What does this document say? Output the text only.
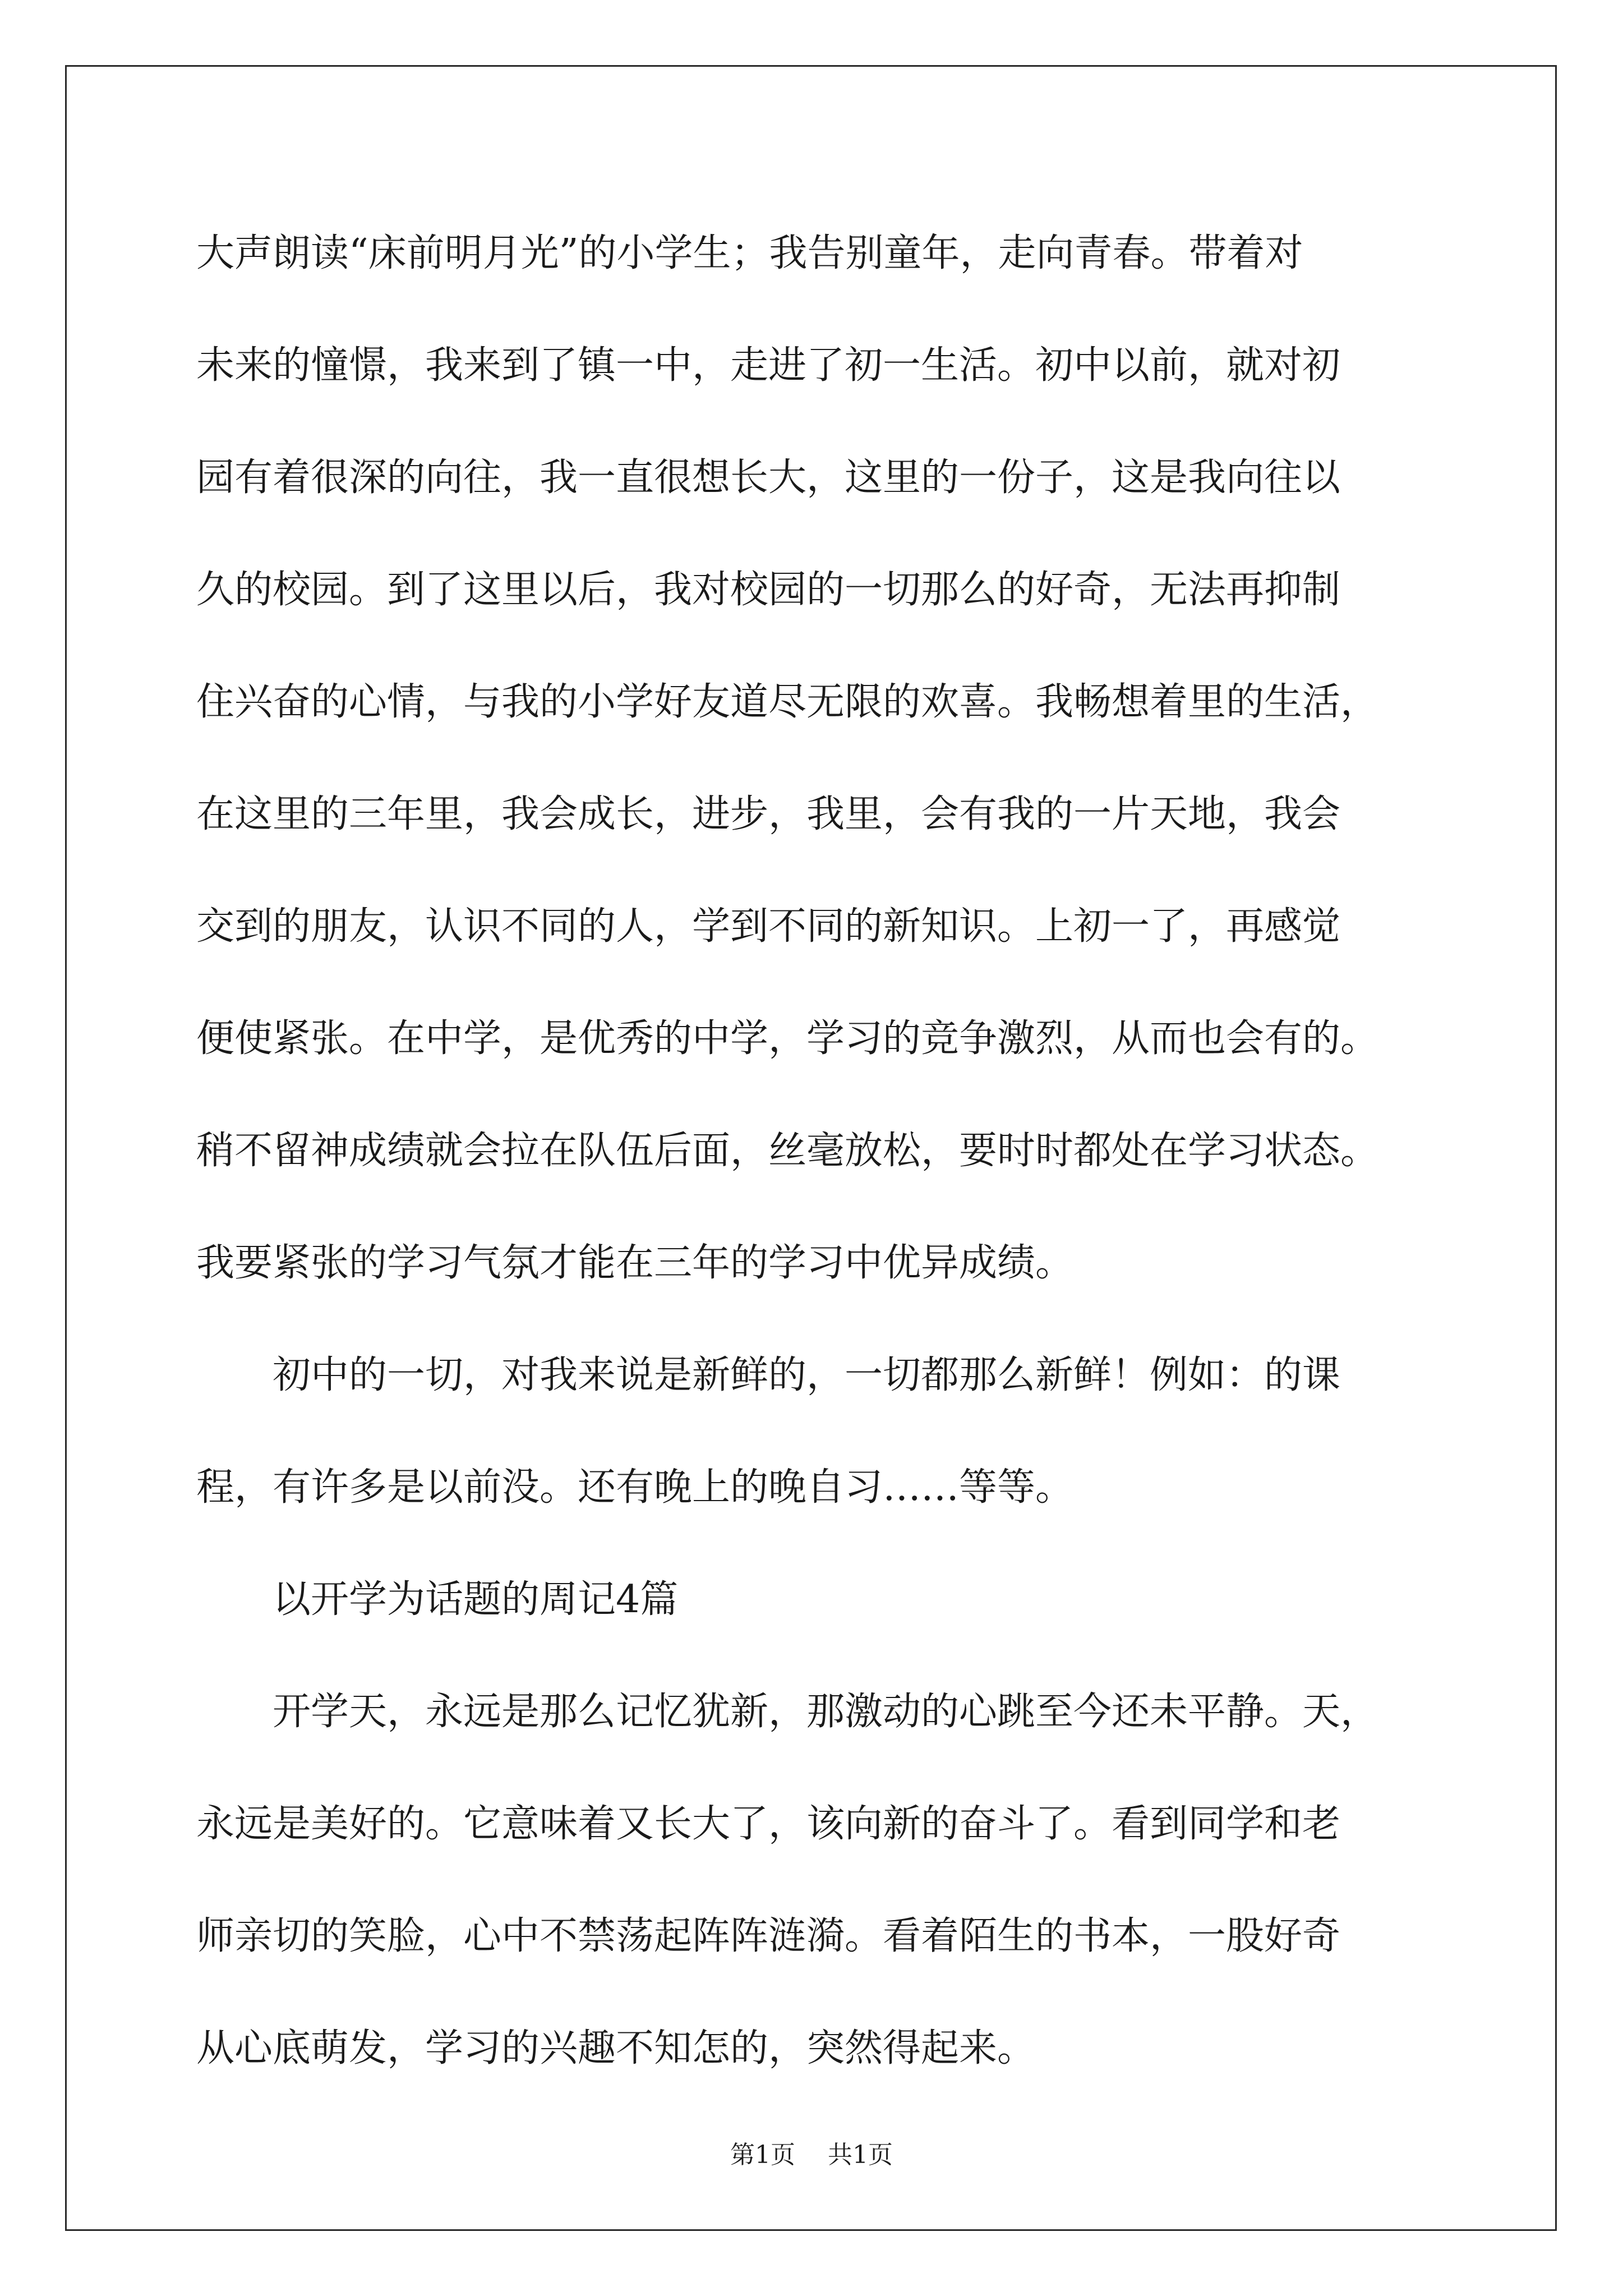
大声朗读“床前明月光”的小学生；我告别童年，走向青春。带着对
未来的憧憬，我来到了镇一中，走进了初一生活。初中以前，就对初
园有着很深的向往，我一直很想长大，这里的一份子，这是我向往以
久的校园。到了这里以后，我对校园的一切那么的好奇，无法再抑制
住兴奋的心情，与我的小学好友道尽无限的欢喜。我畅想着里的生活，
在这里的三年里，我会成长，进步，我里，会有我的一片天地，我会
交到的朋友，认识不同的人，学到不同的新知识。上初一了，再感觉
便使紧张。在中学，是优秀的中学，学习的竞争激烈，从而也会有的。
稍不留神成绩就会拉在队伍后面，丝毫放松，要时时都处在学习状态。
我要紧张的学习气氛才能在三年的学习中优异成绩。
　　初中的一切，对我来说是新鲜的，一切都那么新鲜！例如：的课
程，有许多是以前没。还有晚上的晚自习……等等。
　　以开学为话题的周记4篇
　　开学天，永远是那么记忆犹新，那激动的心跳至今还未平静。天，
永远是美好的。它意味着又长大了，该向新的奋斗了。看到同学和老
师亲切的笑脸，心中不禁荡起阵阵涟漪。看着陌生的书本，一股好奇
从心底萌发，学习的兴趣不知怎的，突然得起来。
第1页 共1页
